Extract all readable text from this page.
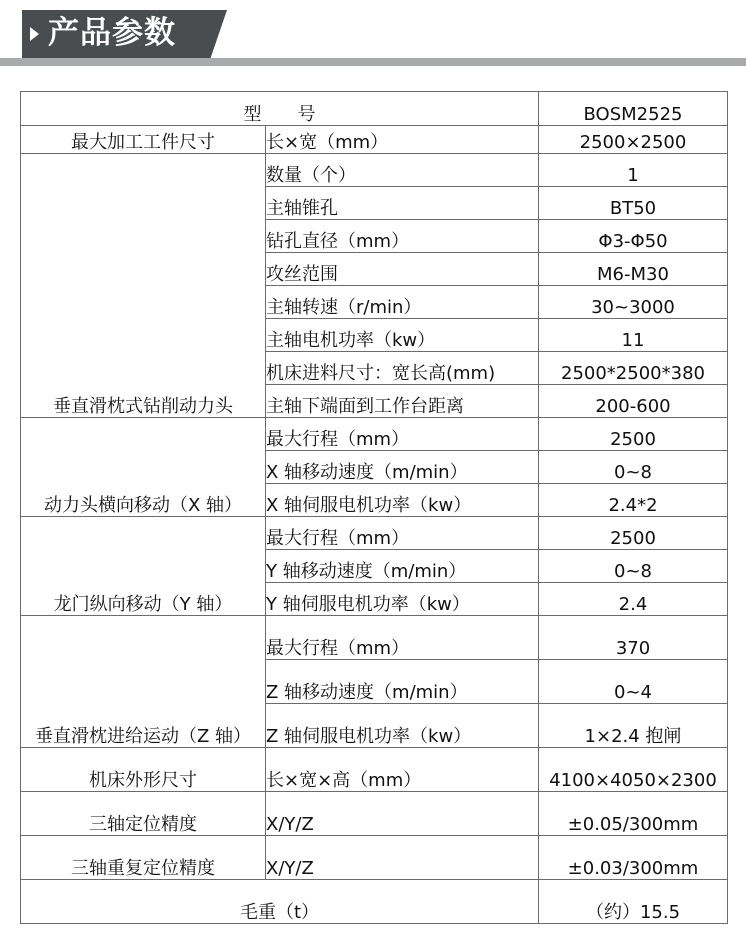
产品参数
型　　号		BOSM2525
最大加工工件尺寸	长×宽（mm）	2500×2500
垂直滑枕式钻削动力头	数量（个）	1
	主轴锥孔	BT50
	钻孔直径（mm）	Φ3-Φ50
	攻丝范围	M6-M30
	主轴转速（r/min）	30~3000
	主轴电机功率（kw）	11
	机床进料尺寸：宽长高(mm)	2500*2500*380
	主轴下端面到工作台距离	200-600
动力头横向移动（X 轴）	最大行程（mm）	2500
	X 轴移动速度（m/min）	0~8
	X 轴伺服电机功率（kw）	2.4*2
龙门纵向移动（Y 轴）	最大行程（mm）	2500
	Y 轴移动速度（m/min）	0~8
	Y 轴伺服电机功率（kw）	2.4
垂直滑枕进给运动（Z 轴）	最大行程（mm）	370
	Z 轴移动速度（m/min）	0~4
	Z 轴伺服电机功率（kw）	1×2.4 抱闸
机床外形尺寸	长×宽×高（mm）	4100×4050×2300
三轴定位精度	X/Y/Z	±0.05/300mm
三轴重复定位精度	X/Y/Z	±0.03/300mm
毛重（t）		（约）15.5
